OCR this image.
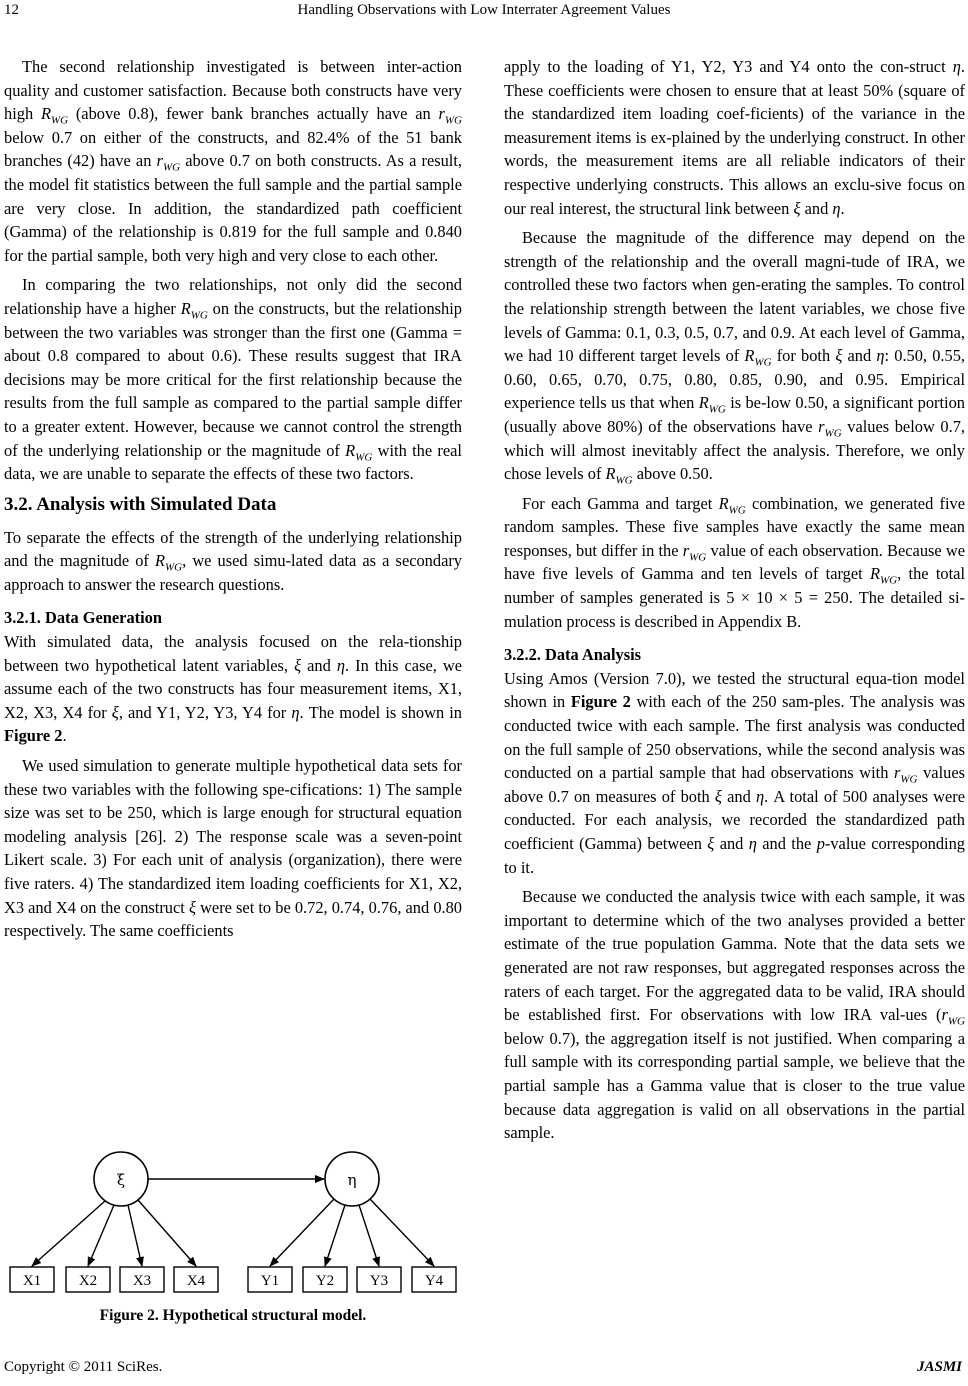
12	Handling Observations with Low Interrater Agreement Values

The second relationship investigated is between inter-action quality and customer satisfaction. Because both constructs have very high $R_{WG}$ (above 0.8), fewer bank branches actually have an $r_{WG}$ below 0.7 on either of the constructs, and 82.4% of the 51 bank branches (42) have an $r_{WG}$ above 0.7 on both constructs. As a result, the model fit statistics between the full sample and the partial sample are very close. In addition, the standardized path coefficient (Gamma) of the relationship is 0.819 for the full sample and 0.840 for the partial sample, both very high and very close to each other.

In comparing the two relationships, not only did the second relationship have a higher $R_{WG}$ on the constructs, but the relationship between the two variables was stronger than the first one (Gamma = about 0.8 compared to about 0.6). These results suggest that IRA decisions may be more critical for the first relationship because the results from the full sample as compared to the partial sample differ to a greater extent. However, because we cannot control the strength of the underlying relationship or the magnitude of $R_{WG}$ with the real data, we are unable to separate the effects of these two factors.

3.2. Analysis with Simulated Data

To separate the effects of the strength of the underlying relationship and the magnitude of $R_{WG}$, we used simu-lated data as a secondary approach to answer the research questions.

3.2.1. Data Generation

With simulated data, the analysis focused on the rela-tionship between two hypothetical latent variables, ξ and η. In this case, we assume each of the two constructs has four measurement items, X1, X2, X3, X4 for ξ, and Y1, Y2, Y3, Y4 for η. The model is shown in Figure 2.

We used simulation to generate multiple hypothetical data sets for these two variables with the following spe-cifications: 1) The sample size was set to be 250, which is large enough for structural equation modeling analysis [26]. 2) The response scale was a seven-point Likert scale. 3) For each unit of analysis (organization), there were five raters. 4) The standardized item loading coefficients for X1, X2, X3 and X4 on the construct ξ were set to be 0.72, 0.74, 0.76, and 0.80 respectively. The same coefficients

ξ	η
X1	X2 X3 X4	Y1 Y2 Y3 Y4
Figure 2. Hypothetical structural model.

apply to the loading of Y1, Y2, Y3 and Y4 onto the con-struct η. These coefficients were chosen to ensure that at least 50% (square of the standardized item loading coef-ficients) of the variance in the measurement items is ex-plained by the underlying construct. In other words, the measurement items are all reliable indicators of their respective underlying constructs. This allows an exclu-sive focus on our real interest, the structural link between ξ and η.

Because the magnitude of the difference may depend on the strength of the relationship and the overall magni-tude of IRA, we controlled these two factors when gen-erating the samples. To control the relationship strength between the latent variables, we chose five levels of Gamma: 0.1, 0.3, 0.5, 0.7, and 0.9. At each level of Gamma, we had 10 different target levels of $R_{WG}$ for both ξ and η: 0.50, 0.55, 0.60, 0.65, 0.70, 0.75, 0.80, 0.85, 0.90, and 0.95. Empirical experience tells us that when $R_{WG}$ is be-low 0.50, a significant portion (usually above 80%) of the observations have $r_{WG}$ values below 0.7, which will almost inevitably affect the analysis. Therefore, we only chose levels of $R_{WG}$ above 0.50.

For each Gamma and target $R_{WG}$ combination, we generated five random samples. These five samples have exactly the same mean responses, but differ in the $r_{WG}$ value of each observation. Because we have five levels of Gamma and ten levels of target $R_{WG}$, the total number of samples generated is 5 × 10 × 5 = 250. The detailed si-mulation process is described in Appendix B.

3.2.2. Data Analysis

Using Amos (Version 7.0), we tested the structural equa-tion model shown in Figure 2 with each of the 250 sam-ples. The analysis was conducted twice with each sample. The first analysis was conducted on the full sample of 250 observations, while the second analysis was conducted on a partial sample that had observations with $r_{WG}$ values above 0.7 on measures of both ξ and η. A total of 500 analyses were conducted. For each analysis, we recorded the standardized path coefficient (Gamma) between ξ and η and the p-value corresponding to it.

Because we conducted the analysis twice with each sample, it was important to determine which of the two analyses provided a better estimate of the true population Gamma. Note that the data sets we generated are not raw responses, but aggregated responses across the raters of each target. For the aggregated data to be valid, IRA should be established first. For observations with low IRA val-ues ($r_{WG}$ below 0.7), the aggregation itself is not justified. When comparing a full sample with its corresponding partial sample, we believe that the partial sample has a Gamma value that is closer to the true value because data aggregation is valid on all observations in the partial sample.

Copyright © 2011 SciRes.	JASMI
